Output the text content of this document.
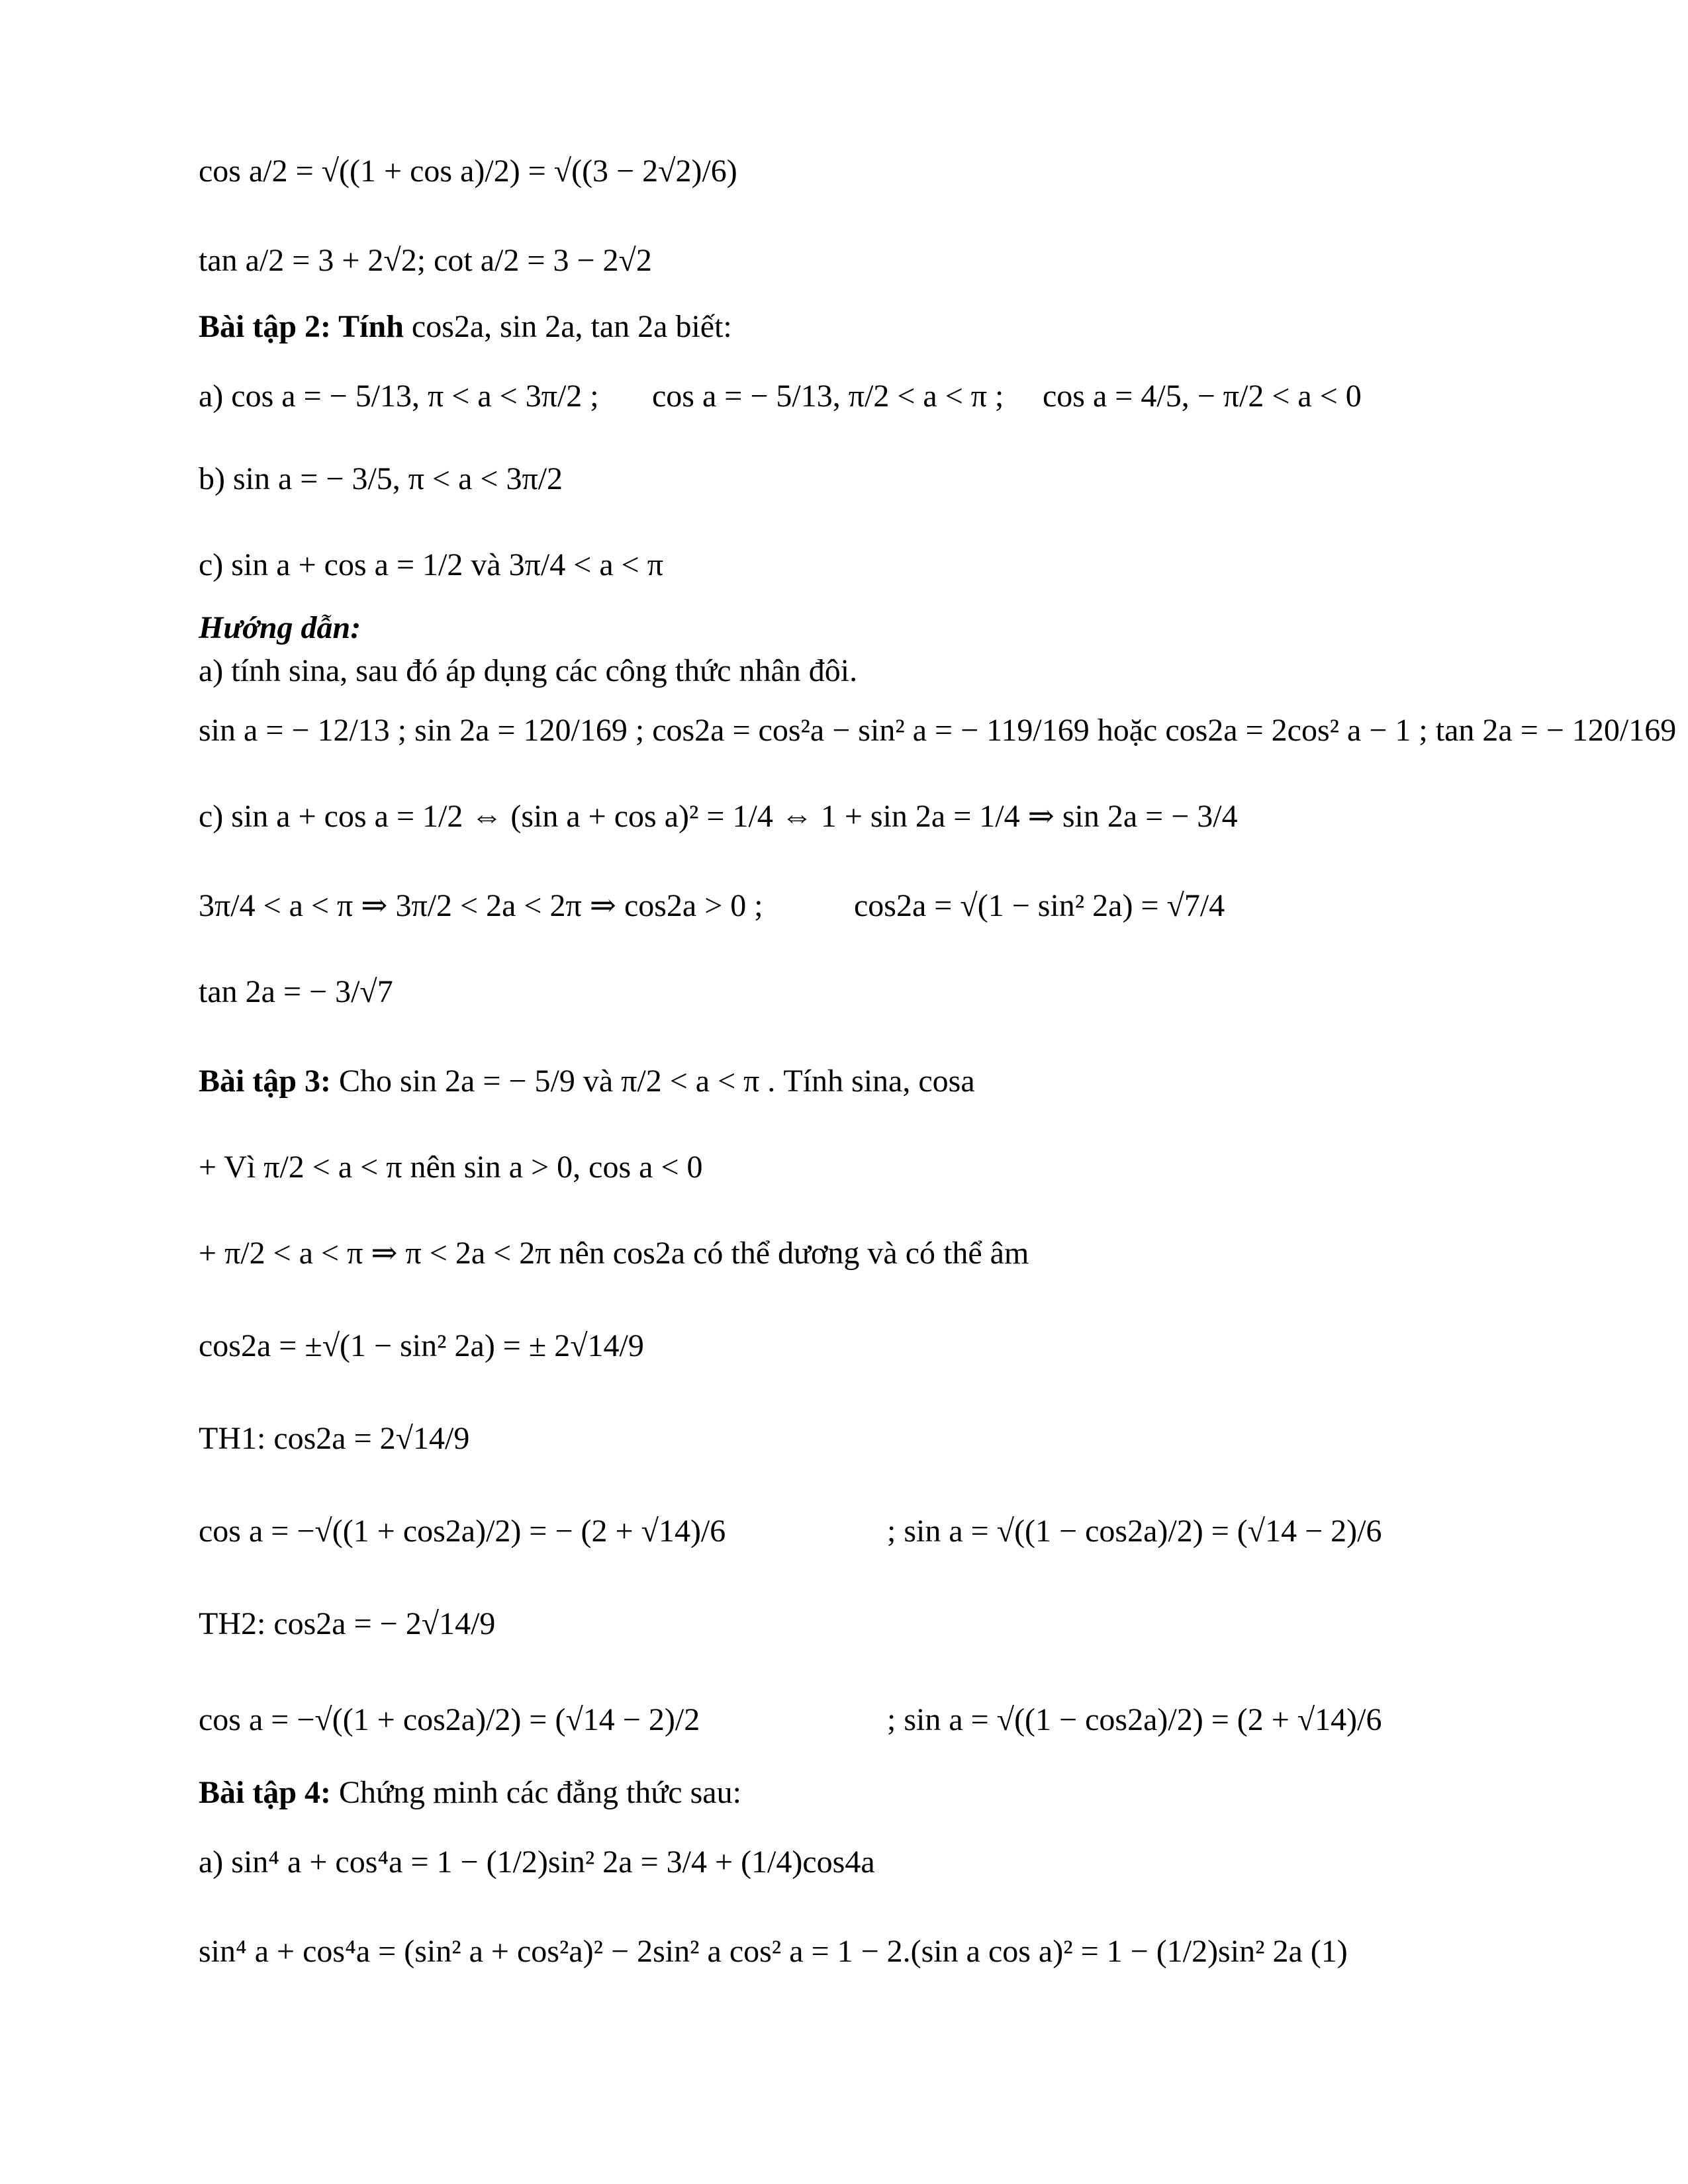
cos a/2 = √((1 + cos a)/2) = √((3 − 2√2)/6)
tan a/2 = 3 + 2√2; cot a/2 = 3 − 2√2
Bài tập 2: Tính cos2a, sin 2a, tan 2a biết:
a) cos a = − 5/13, π < a < 3π/2 ; cos a = − 5/13, π/2 < a < π ; cos a = 4/5, − π/2 < a < 0
b) sin a = − 3/5, π < a < 3π/2
c) sin a + cos a = 1/2 và 3π/4 < a < π
Hướng dẫn:
a) tính sina, sau đó áp dụng các công thức nhân đôi.
sin a = − 12/13 ; sin 2a = 120/169 ; cos2a = cos²a − sin² a = − 119/169 hoặc cos2a = 2cos² a − 1 ; tan 2a = − 120/169
c) sin a + cos a = 1/2 ⇔ (sin a + cos a)² = 1/4 ⇔ 1 + sin 2a = 1/4 ⇒ sin 2a = − 3/4
3π/4 < a < π ⇒ 3π/2 < 2a < 2π ⇒ cos2a > 0 ;	cos2a = √(1 − sin² 2a) = √7/4
tan 2a = − 3/√7
Bài tập 3: Cho sin 2a = − 5/9 và π/2 < a < π . Tính sina, cosa
+ Vì π/2 < a < π nên sin a > 0, cos a < 0
+ π/2 < a < π ⇒ π < 2a < 2π nên cos2a có thể dương và có thể âm
cos2a = ±√(1 − sin² 2a) = ± 2√14/9
TH1: cos2a = 2√14/9
cos a = −√((1 + cos2a)/2) = − (2 + √14)/6	; sin a = √((1 − cos2a)/2) = (√14 − 2)/6
TH2: cos2a = − 2√14/9
cos a = −√((1 + cos2a)/2) = (√14 − 2)/2	; sin a = √((1 − cos2a)/2) = (2 + √14)/6
Bài tập 4: Chứng minh các đẳng thức sau:
a) sin⁴ a + cos⁴a = 1 − (1/2)sin² 2a = 3/4 + (1/4)cos4a
sin⁴ a + cos⁴a = (sin² a + cos²a)² − 2sin² a cos² a = 1 − 2.(sin a cos a)² = 1 − (1/2)sin² 2a (1)
